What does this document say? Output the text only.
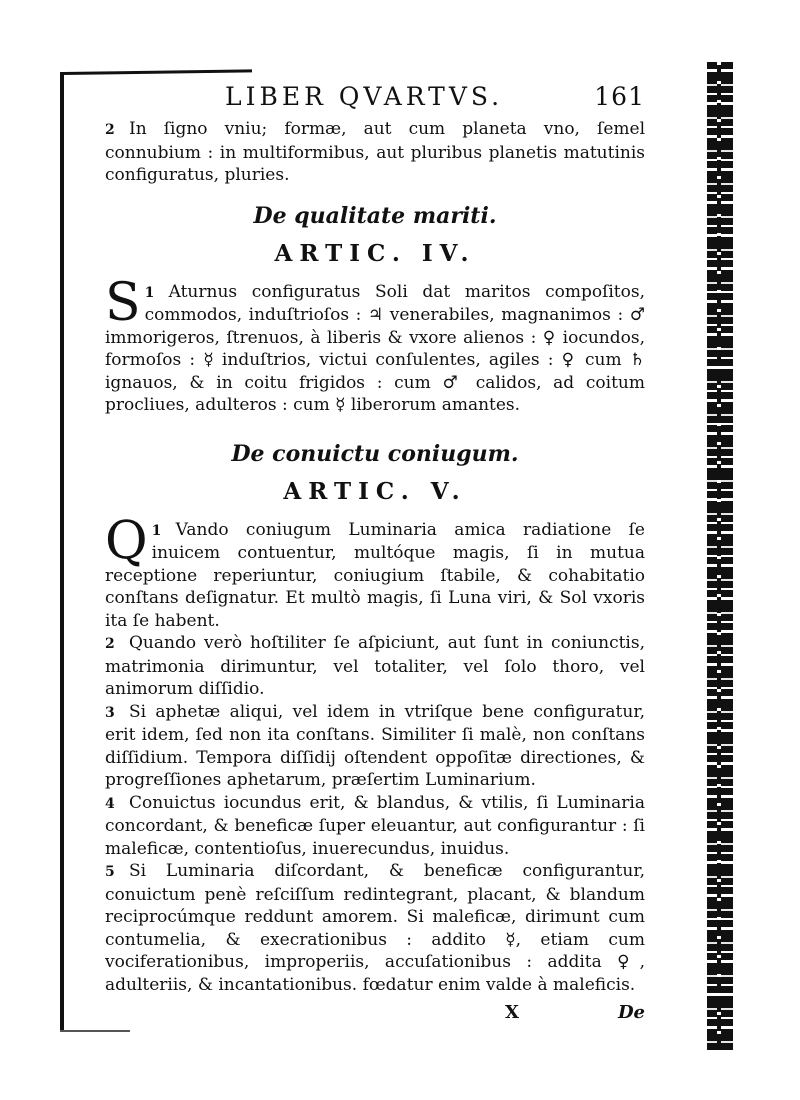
LIBER QVARTVS.	161

2 In ſigno vniu; formæ, aut cum planeta vno, ſemel connubium : in multiformibus, aut pluribus planetis matutinis configuratus, pluries.

De qualitate mariti.
ARTIC. IV.

1
S Aturnus configuratus Soli dat maritos compoſitos, commodos, induſtrioſos : ♃ venerabiles, magnanimos : ♂ immorigeros, ſtrenuos, à liberis & vxore alienos : ♀ iocundos, formoſos : ☿ induſtrios, victui conſulentes, agiles : ♀ cum ♄ ignauos, & in coitu frigidos : cum ♂ calidos, ad coitum procliues, adulteros : cum ☿ liberorum amantes.

De conuictu coniugum.
ARTIC. V.

1
Q Vando coniugum Luminaria amica radiatione ſe inuicem contuentur, multóque magis, ſi in mutua receptione reperiuntur, coniugium ſtabile, & cohabitatio conſtans deſignatur. Et multò magis, ſi Luna viri, & Sol vxoris ita ſe habent.

2 Quando verò hoſtiliter ſe aſpiciunt, aut ſunt in coniunctis, matrimonia dirimuntur, vel totaliter, vel ſolo thoro, vel animorum diſſidio.

3 Si aphetæ aliqui, vel idem in vtriſque bene configuratur, erit idem, ſed non ita conſtans. Similiter ſi malè, non conſtans diſſidium. Tempora diſſidij oſtendent oppoſitæ directiones, & progreſſiones aphetarum, præſertim Luminarium.

4 Conuictus iocundus erit, & blandus, & vtilis, ſi Luminaria concordant, & beneficæ ſuper eleuantur, aut configurantur : ſi maleficæ, contentioſus, inuerecundus, inuidus.

5 Si Luminaria diſcordant, & beneficæ configurantur, conuictum penè reſciſſum redintegrant, placant, & blandum reciprocúmque reddunt amorem. Si maleficæ, dirimunt cum contumelia, & execrationibus : addito ☿, etiam cum vociferationibus, improperiis, accuſationibus : addita ♀, adulteriis, & incantationibus. fœdatur enim valde à maleficis.

X	De
